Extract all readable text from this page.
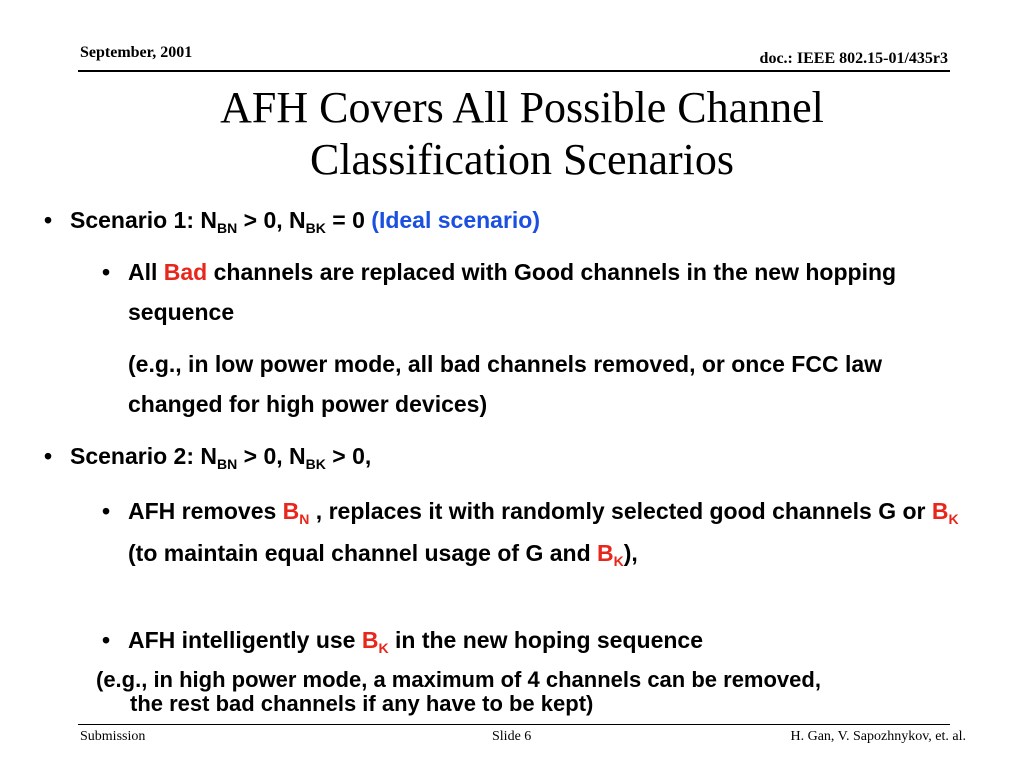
September, 2001	doc.: IEEE 802.15-01/435r3
AFH Covers All Possible Channel
Classification Scenarios
• Scenario 1: $N_{BN} > 0$, $N_{BK} = 0$ (Ideal scenario)
• All Bad channels are replaced with Good channels in the new hopping sequence
(e.g., in low power mode, all bad channels removed, or once FCC law changed for high power devices)
• Scenario 2: $N_{BN} > 0$, $N_{BK} > 0$,
• AFH removes $B_N$ , replaces it with randomly selected good channels G or $B_K$ (to maintain equal channel usage of G and $B_K$),
• AFH intelligently use $B_K$ in the new hoping sequence
(e.g., in high power mode, a maximum of 4 channels can be removed,
the rest bad channels if any have to be kept)
Submission	Slide 6	H. Gan, V. Sapozhnykov, et. al.
